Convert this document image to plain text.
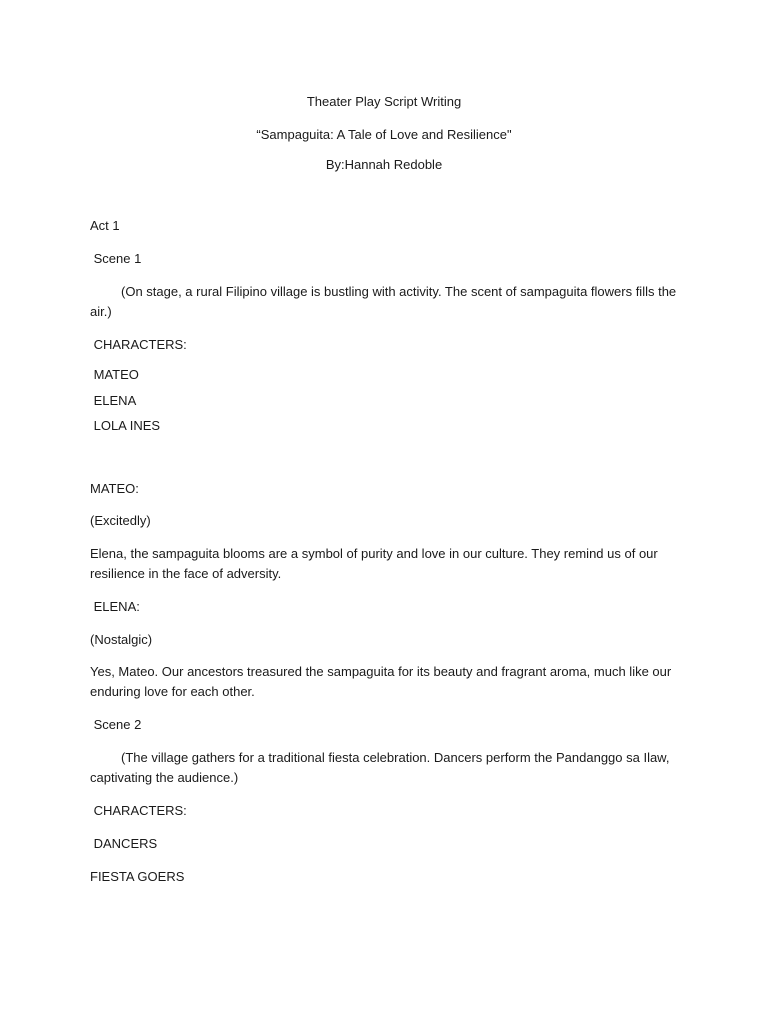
Theater Play Script Writing
“Sampaguita: A Tale of Love and Resilience"
By:Hannah Redoble
Act 1
Scene 1
(On stage, a rural Filipino village is bustling with activity. The scent of sampaguita flowers fills the air.)
CHARACTERS:
MATEO
ELENA
LOLA INES
MATEO:
(Excitedly)
Elena, the sampaguita blooms are a symbol of purity and love in our culture. They remind us of our resilience in the face of adversity.
ELENA:
(Nostalgic)
Yes, Mateo. Our ancestors treasured the sampaguita for its beauty and fragrant aroma, much like our enduring love for each other.
Scene 2
(The village gathers for a traditional fiesta celebration. Dancers perform the Pandanggo sa Ilaw, captivating the audience.)
CHARACTERS:
DANCERS
FIESTA GOERS
